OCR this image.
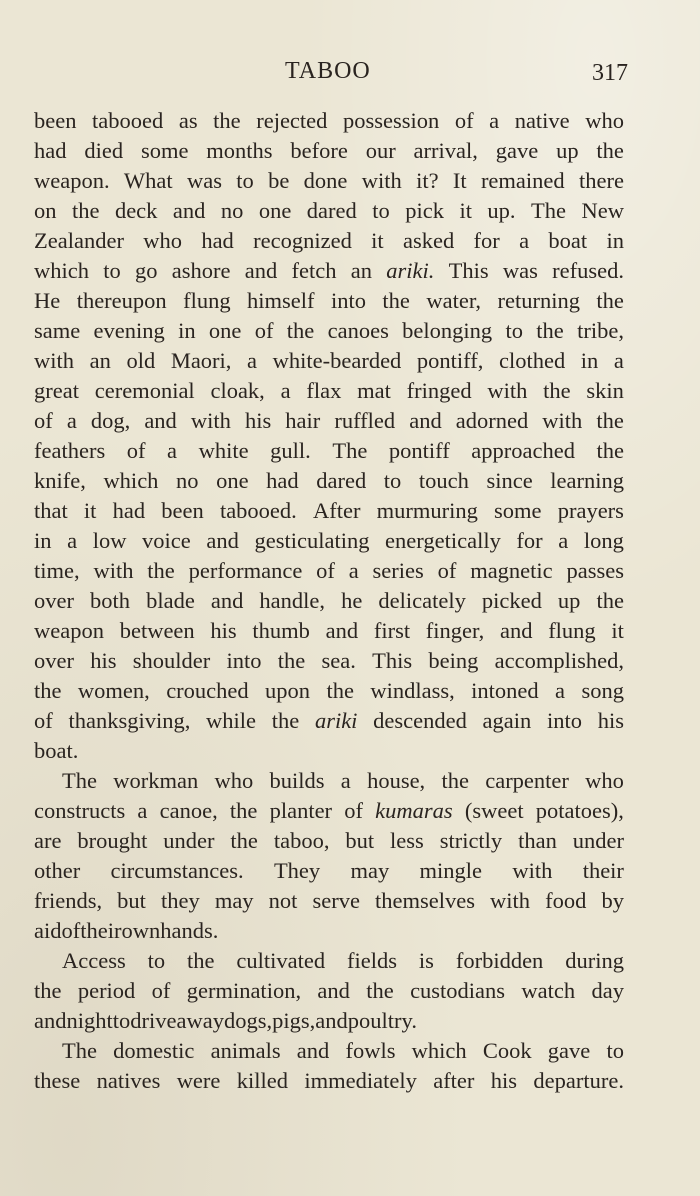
TABOO	317
been tabooed as the rejected possession of a native who
had died some months before our arrival, gave up the
weapon. What was to be done with it? It remained there
on the deck and no one dared to pick it up. The New
Zealander who had recognized it asked for a boat in
which to go ashore and fetch an ariki. This was refused.
He thereupon flung himself into the water, returning the
same evening in one of the canoes belonging to the tribe,
with an old Maori, a white-bearded pontiff, clothed in a
great ceremonial cloak, a flax mat fringed with the skin
of a dog, and with his hair ruffled and adorned with the
feathers of a white gull. The pontiff approached the
knife, which no one had dared to touch since learning
that it had been tabooed. After murmuring some prayers
in a low voice and gesticulating energetically for a long
time, with the performance of a series of magnetic passes
over both blade and handle, he delicately picked up the
weapon between his thumb and first finger, and flung it
over his shoulder into the sea. This being accomplished,
the women, crouched upon the windlass, intoned a song
of thanksgiving, while the ariki descended again into his
boat.
The workman who builds a house, the carpenter who
constructs a canoe, the planter of kumaras (sweet potatoes),
are brought under the taboo, but less strictly than under
other circumstances. They may mingle with their
friends, but they may not serve themselves with food by
aid of their own hands.
Access to the cultivated fields is forbidden during
the period of germination, and the custodians watch day
and night to drive away dogs, pigs, and poultry.
The domestic animals and fowls which Cook gave to
these natives were killed immediately after his departure.
